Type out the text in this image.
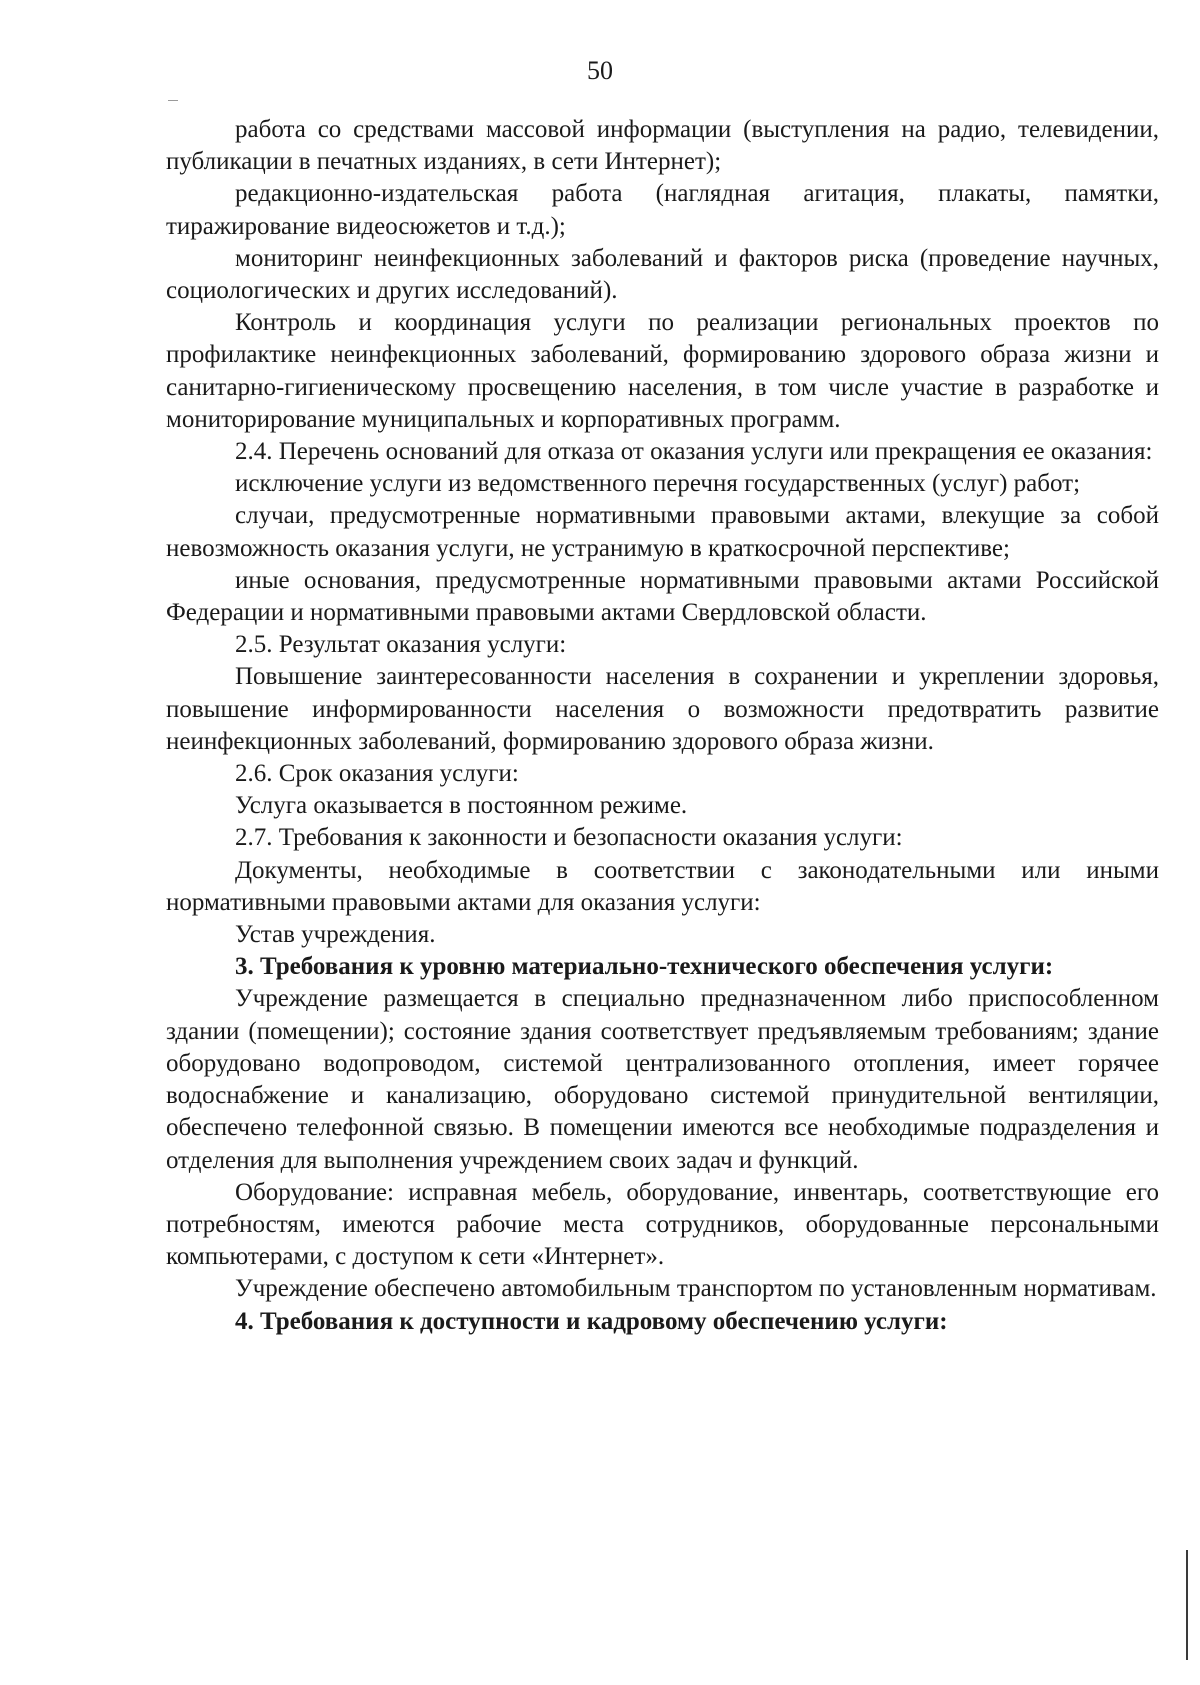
50

работа со средствами массовой информации (выступления на радио, телевидении, публикации в печатных изданиях, в сети Интернет);

редакционно-издательская работа (наглядная агитация, плакаты, памятки, тиражирование видеосюжетов и т.д.);

мониторинг неинфекционных заболеваний и факторов риска (проведение научных, социологических и других исследований).

Контроль и координация услуги по реализации региональных проектов по профилактике неинфекционных заболеваний, формированию здорового образа жизни и санитарно-гигиеническому просвещению населения, в том числе участие в разработке и мониторирование муниципальных и корпоративных программ.

2.4. Перечень оснований для отказа от оказания услуги или прекращения ее оказания:

исключение услуги из ведомственного перечня государственных (услуг) работ;

случаи, предусмотренные нормативными правовыми актами, влекущие за собой невозможность оказания услуги, не устранимую в краткосрочной перспективе;

иные основания, предусмотренные нормативными правовыми актами Российской Федерации и нормативными правовыми актами Свердловской области.

2.5. Результат оказания услуги:

Повышение заинтересованности населения в сохранении и укреплении здоровья, повышение информированности населения о возможности предотвратить развитие неинфекционных заболеваний, формированию здорового образа жизни.

2.6. Срок оказания услуги:

Услуга оказывается в постоянном режиме.

2.7. Требования к законности и безопасности оказания услуги:

Документы, необходимые в соответствии с законодательными или иными нормативными правовыми актами для оказания услуги:

Устав учреждения.

3. Требования к уровню материально-технического обеспечения услуги:

Учреждение размещается в специально предназначенном либо приспособленном здании (помещении); состояние здания соответствует предъявляемым требованиям; здание оборудовано водопроводом, системой централизованного отопления, имеет горячее водоснабжение и канализацию, оборудовано системой принудительной вентиляции, обеспечено телефонной связью. В помещении имеются все необходимые подразделения и отделения для выполнения учреждением своих задач и функций.

Оборудование: исправная мебель, оборудование, инвентарь, соответствующие его потребностям, имеются рабочие места сотрудников, оборудованные персональными компьютерами, с доступом к сети «Интернет».

Учреждение обеспечено автомобильным транспортом по установленным нормативам.

4. Требования к доступности и кадровому обеспечению услуги:
